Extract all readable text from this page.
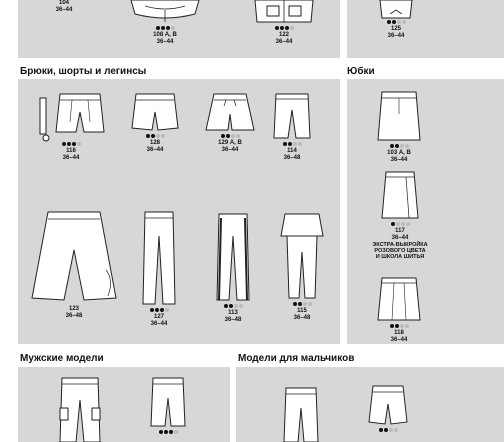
104
36–44
108 А, В
36–44
122
36–44
125
36–44
Брюки, шорты и легинсы	Юбки
116
36–44
128
36–44
129 А, В
36–44	114
36–48
103 А, В
36–44
123
36–48	127
36–44
113
36–48
115
36–48
117
36–44
ЭКСТРА-ВЫКРОЙКА
РОЗОВОГО ЦВЕТА
И ШКОЛА ШИТЬЯ
118
36–44
Мужские модели	Модели для мальчиков
